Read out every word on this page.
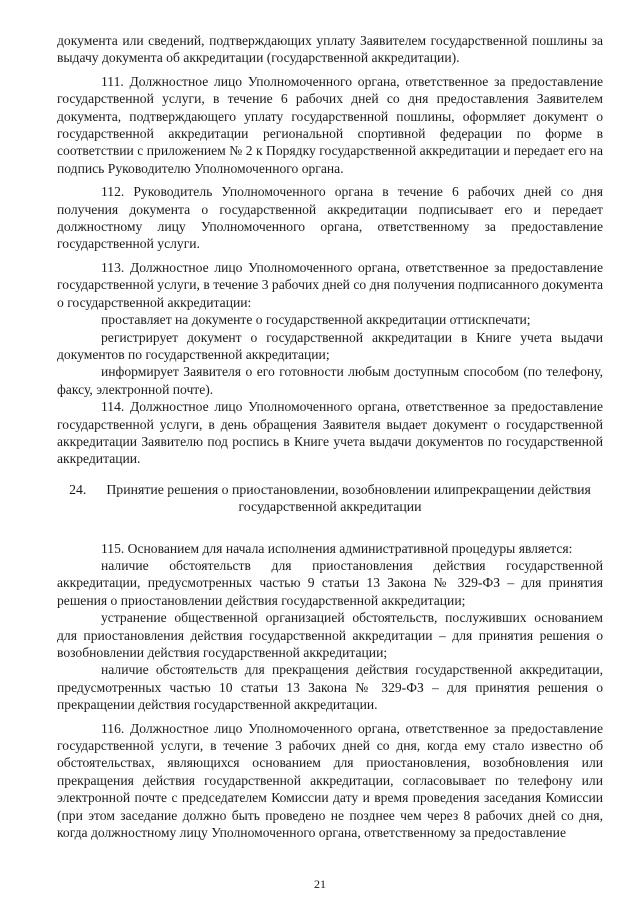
документа или сведений, подтверждающих уплату Заявителем государственной пошлины за выдачу документа об аккредитации (государственной аккредитации).

111. Должностное лицо Уполномоченного органа, ответственное за предоставление государственной услуги, в течение 6 рабочих дней со дня предоставления Заявителем документа, подтверждающего уплату государственной пошлины, оформляет документ о государственной аккредитации региональной спортивной федерации по форме в соответствии с приложением № 2 к Порядку государственной аккредитации и передает его на подпись Руководителю Уполномоченного органа.

112. Руководитель Уполномоченного органа в течение 6 рабочих дней со дня получения документа о государственной аккредитации подписывает его и передает должностному лицу Уполномоченного органа, ответственному за предоставление государственной услуги.

113. Должностное лицо Уполномоченного органа, ответственное за предоставление государственной услуги, в течение 3 рабочих дней со дня получения подписанного документа о государственной аккредитации:

проставляет на документе о государственной аккредитации оттискпечати;

регистрирует документ о государственной аккредитации в Книге учета выдачи документов по государственной аккредитации;

информирует Заявителя о его готовности любым доступным способом (по телефону, факсу, электронной почте).

114. Должностное лицо Уполномоченного органа, ответственное за предоставление государственной услуги, в день обращения Заявителя выдает документ о государственной аккредитации Заявителю под роспись в Книге учета выдачи документов по государственной аккредитации.

24. Принятие решения о приостановлении, возобновлении илипрекращении действия государственной аккредитации

115. Основанием для начала исполнения административной процедуры является:

наличие обстоятельств для приостановления действия государственной аккредитации, предусмотренных частью 9 статьи 13 Закона № 329-ФЗ – для принятия решения о приостановлении действия государственной аккредитации;

устранение общественной организацией обстоятельств, послуживших основанием для приостановления действия государственной аккредитации – для принятия решения о возобновлении действия государственной аккредитации;

наличие обстоятельств для прекращения действия государственной аккредитации, предусмотренных частью 10 статьи 13 Закона № 329-ФЗ – для принятия решения о прекращении действия государственной аккредитации.

116. Должностное лицо Уполномоченного органа, ответственное за предоставление государственной услуги, в течение 3 рабочих дней со дня, когда ему стало известно об обстоятельствах, являющихся основанием для приостановления, возобновления или прекращения действия государственной аккредитации, согласовывает по телефону или электронной почте с председателем Комиссии дату и время проведения заседания Комиссии (при этом заседание должно быть проведено не позднее чем через 8 рабочих дней со дня, когда должностному лицу Уполномоченного органа, ответственному за предоставление

21
